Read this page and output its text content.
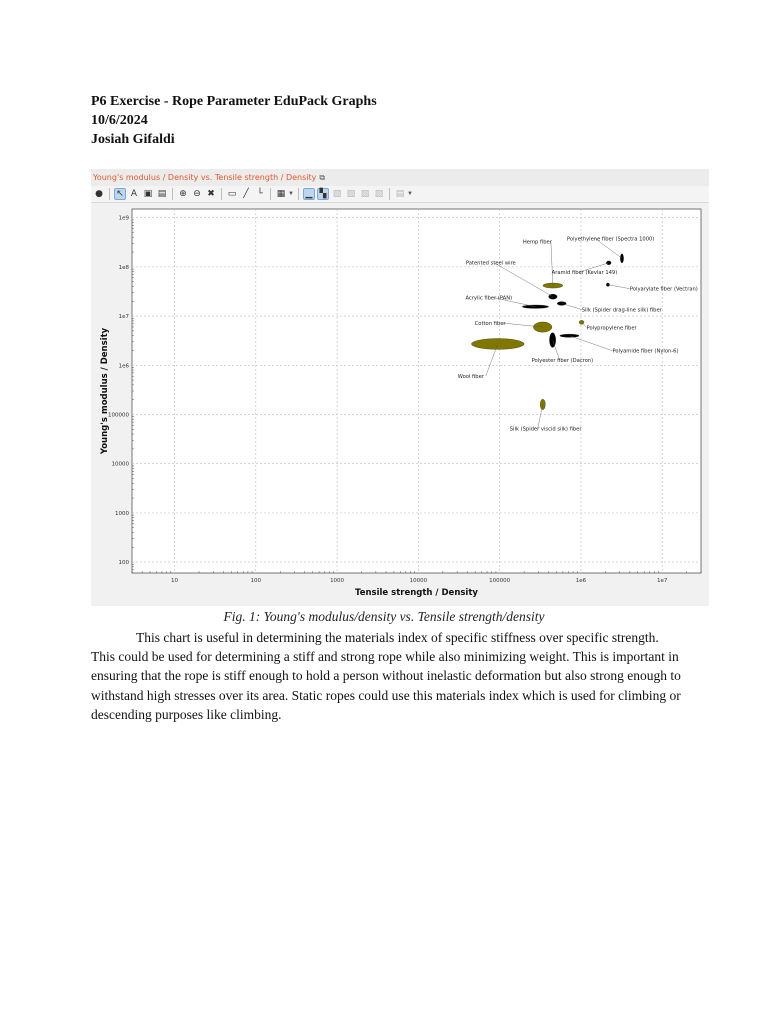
P6 Exercise - Rope Parameter EduPack Graphs
10/6/2024
Josiah Gifaldi
Young's modulus / Density vs. Tensile strength / Density ⧉
● ↖ A ▣ ▤ ⊕ ⊖ ✖ ▭ ╱ └	▦ ▼ ▁ ▚ ▧ ▧ ▧ ▧ ▤ ▼
10	100	1000	10000	100000	1e6	1e7
100
1000
10000
100000
1e6
1e7
1e8
1e9
Tensile strength / Density
Young's modulus / Density
Polyethylene fiber (Spectra 1000)
Hemp fiber
Patented steel wire
Aramid fiber (Kevlar 149)
Polyarylate fiber (Vectran)
Acrylic fiber (PAN)
Silk (Spider drag-line silk) fiber
Polypropylene fiber
Cotton fiber
Polyamide fiber (Nylon-6)
Polyester fiber (Dacron)
Wool fiber
Silk (Spider viscid silk) fiber
Fig. 1: Young's modulus/density vs. Tensile strength/density
This chart is useful in determining the materials index of specific stiffness over specific strength. This could be used for determining a stiff and strong rope while also minimizing weight. This is important in ensuring that the rope is stiff enough to hold a person without inelastic deformation but also strong enough to withstand high stresses over its area. Static ropes could use this materials index which is used for climbing or descending purposes like climbing.
